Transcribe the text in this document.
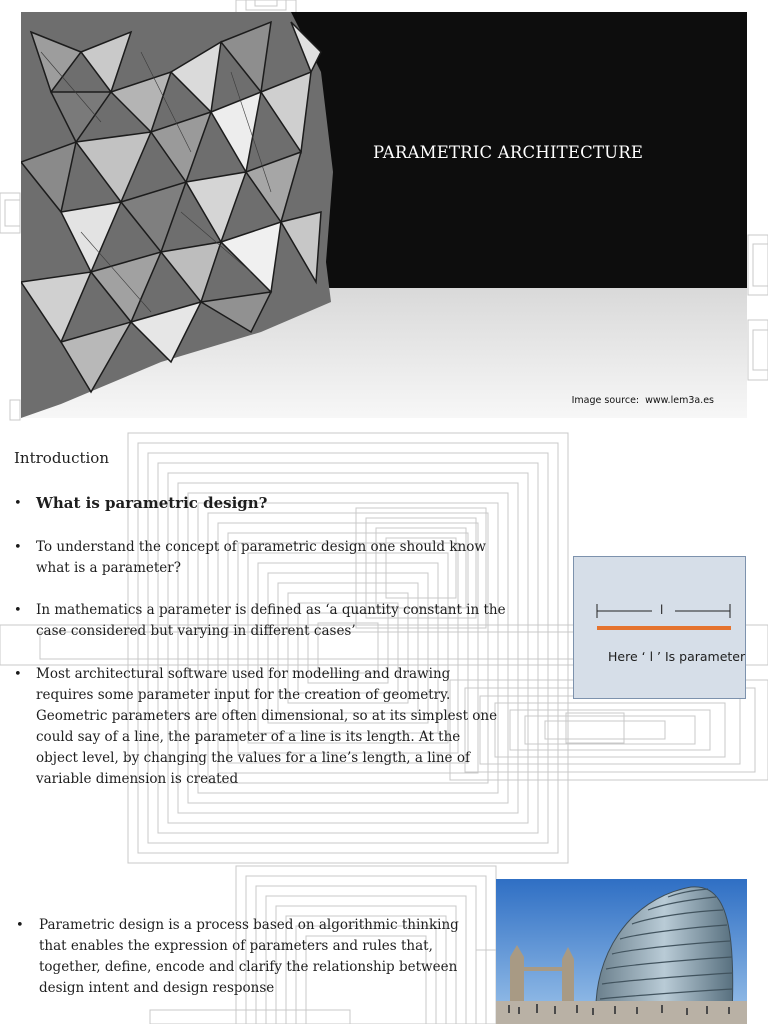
PARAMETRIC ARCHITECTURE
Image source: www.lem3a.es
Introduction
• What is parametric design?
• To understand the concept of parametric design one should know
what is a parameter?
• In mathematics a parameter is defined as ‘a quantity constant in the
case considered but varying in different cases’
• Most architectural software used for modelling and drawing
requires some parameter input for the creation of geometry.
Geometric parameters are often dimensional, so at its simplest one
could say of a line, the parameter of a line is its length. At the
object level, by changing the values for a line’s length, a line of
variable dimension is created
l
Here ‘ l ’ Is parameter
• Parametric design is a process based on algorithmic thinking
that enables the expression of parameters and rules that,
together, define, encode and clarify the relationship between
design intent and design response
